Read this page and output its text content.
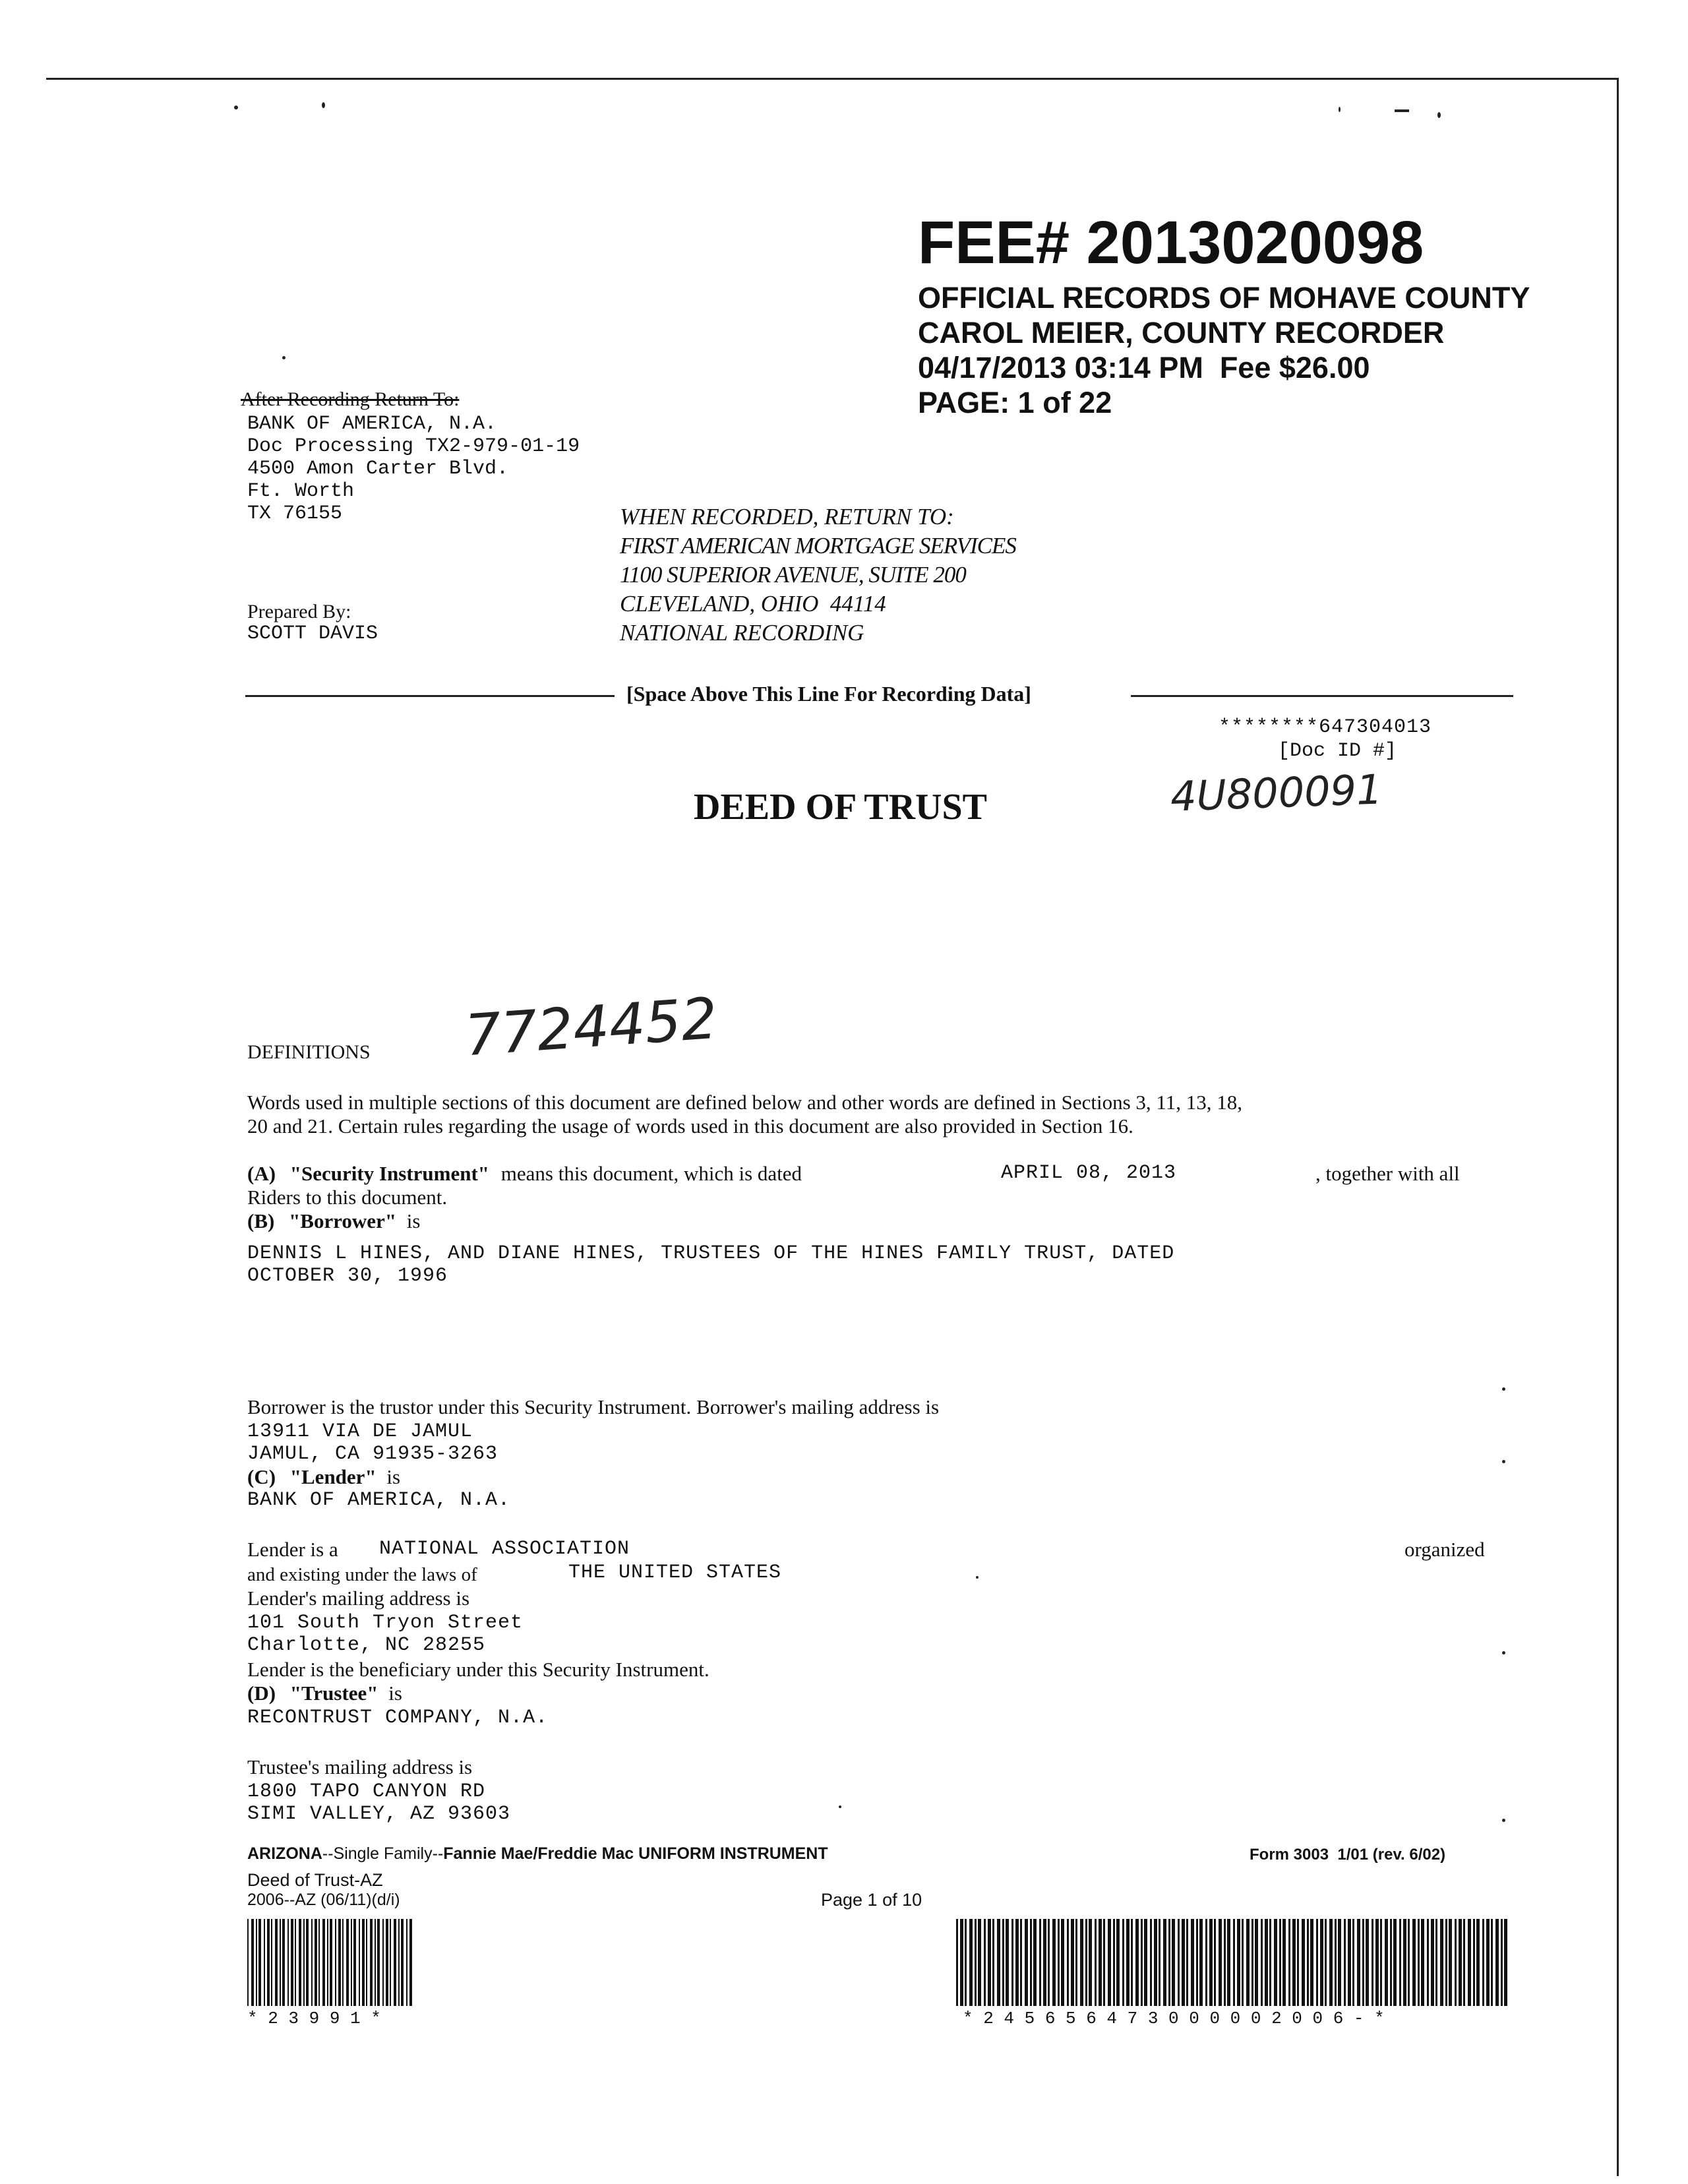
FEE# 2013020098
OFFICIAL RECORDS OF MOHAVE COUNTY
CAROL MEIER, COUNTY RECORDER
04/17/2013 03:14 PM  Fee $26.00
PAGE: 1 of 22
After Recording Return To:
BANK OF AMERICA, N.A.
Doc Processing TX2-979-01-19
4500 Amon Carter Blvd.
Ft. Worth
TX 76155	WHEN RECORDED, RETURN TO:
FIRST AMERICAN MORTGAGE SERVICES
1100 SUPERIOR AVENUE, SUITE 200
CLEVELAND, OHIO  44114
NATIONAL RECORDING
Prepared By:
SCOTT DAVIS
[Space Above This Line For Recording Data]
********647304013
[Doc ID #]
DEED OF TRUST	4U800091
DEFINITIONS 7724452
Words used in multiple sections of this document are defined below and other words are defined in Sections 3, 11, 13, 18,
20 and 21. Certain rules regarding the usage of words used in this document are also provided in Section 16.
(A) "Security Instrument" means this document, which is dated	APRIL 08, 2013	, together with all
Riders to this document.
(B) "Borrower" is
DENNIS L HINES, AND DIANE HINES, TRUSTEES OF THE HINES FAMILY TRUST, DATED
OCTOBER 30, 1996
Borrower is the trustor under this Security Instrument. Borrower's mailing address is
13911 VIA DE JAMUL
JAMUL, CA 91935-3263
(C) "Lender" is
BANK OF AMERICA, N.A.
Lender is a NATIONAL ASSOCIATION	organized
and existing under the laws of	THE UNITED STATES
Lender's mailing address is
101 South Tryon Street
Charlotte, NC 28255
Lender is the beneficiary under this Security Instrument.
(D) "Trustee" is
RECONTRUST COMPANY, N.A.
Trustee's mailing address is
1800 TAPO CANYON RD
SIMI VALLEY, AZ 93603
ARIZONA--Single Family--Fannie Mae/Freddie Mac UNIFORM INSTRUMENT	Form 3003  1/01 (rev. 6/02)
Deed of Trust-AZ
2006--AZ (06/11)(d/i)	Page 1 of 10
* 2 3 9 9 1 *	* 2 4 5 6 5 6 4 7 3 0 0 0 0 0 2 0 0 6 - *
